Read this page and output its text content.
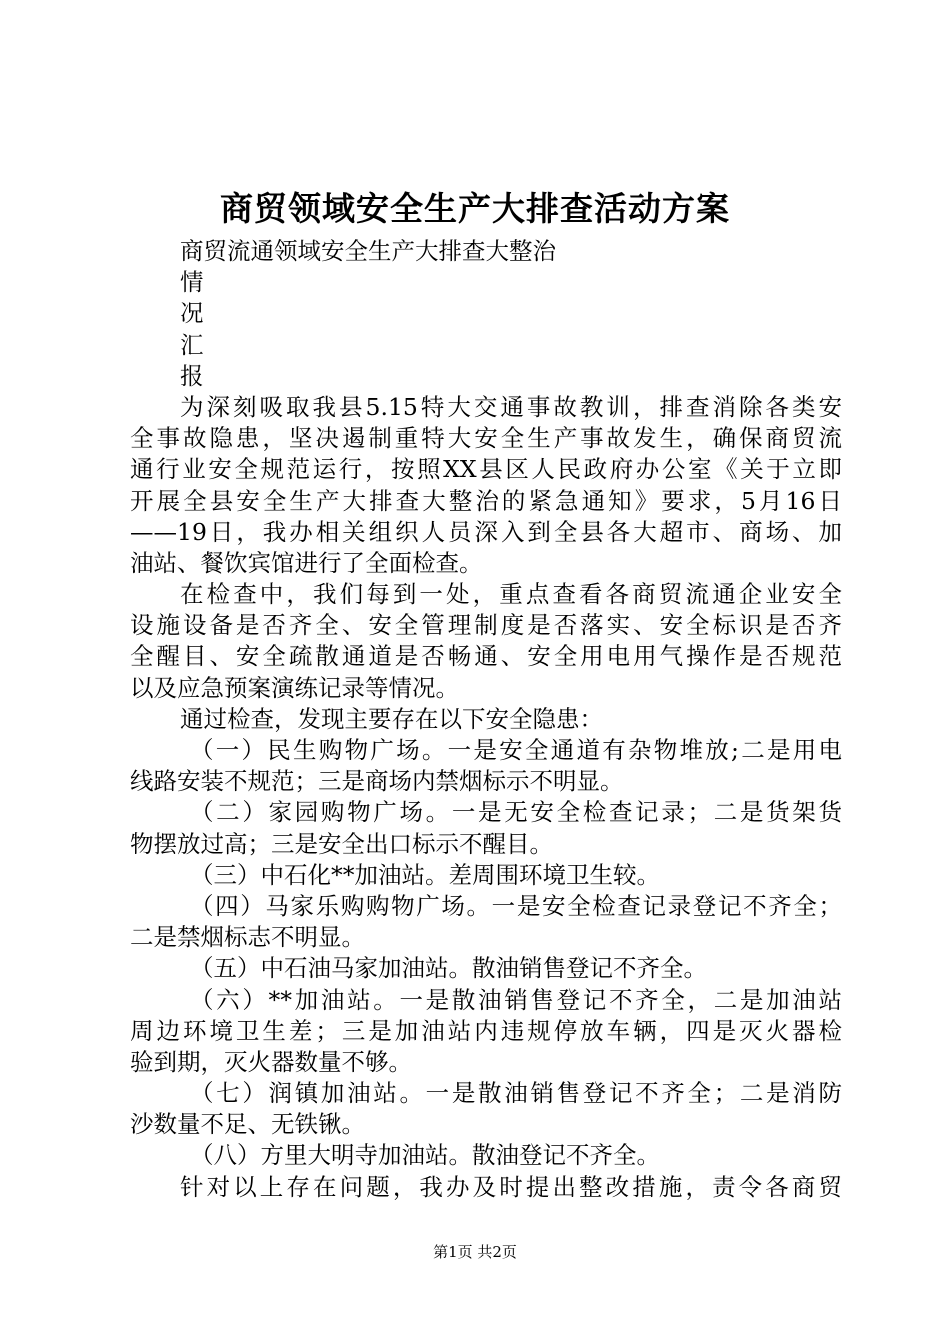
商贸领域安全生产大排查活动方案
商贸流通领域安全生产大排查大整治
情
况
汇
报
为深刻吸取我县5.15特大交通事故教训，排查消除各类安
全事故隐患，坚决遏制重特大安全生产事故发生，确保商贸流
通行业安全规范运行，按照XX县区人民政府办公室《关于立即
开展全县安全生产大排查大整治的紧急通知》要求，5月16日
——19日，我办相关组织人员深入到全县各大超市、商场、加
油站、餐饮宾馆进行了全面检查。
在检查中，我们每到一处，重点查看各商贸流通企业安全
设施设备是否齐全、安全管理制度是否落实、安全标识是否齐
全醒目、安全疏散通道是否畅通、安全用电用气操作是否规范
以及应急预案演练记录等情况。
通过检查，发现主要存在以下安全隐患：
（一）民生购物广场。一是安全通道有杂物堆放;二是用电
线路安装不规范；三是商场内禁烟标示不明显。
（二）家园购物广场。一是无安全检查记录；二是货架货
物摆放过高；三是安全出口标示不醒目。
（三）中石化**加油站。差周围环境卫生较。
（四）马家乐购购物广场。一是安全检查记录登记不齐全；
二是禁烟标志不明显。
（五）中石油马家加油站。散油销售登记不齐全。
（六）**加油站。一是散油销售登记不齐全，二是加油站
周边环境卫生差；三是加油站内违规停放车辆，四是灭火器检
验到期，灭火器数量不够。
（七）润镇加油站。一是散油销售登记不齐全；二是消防
沙数量不足、无铁锹。
（八）方里大明寺加油站。散油登记不齐全。
针对以上存在问题，我办及时提出整改措施，责令各商贸
第1页 共2页
